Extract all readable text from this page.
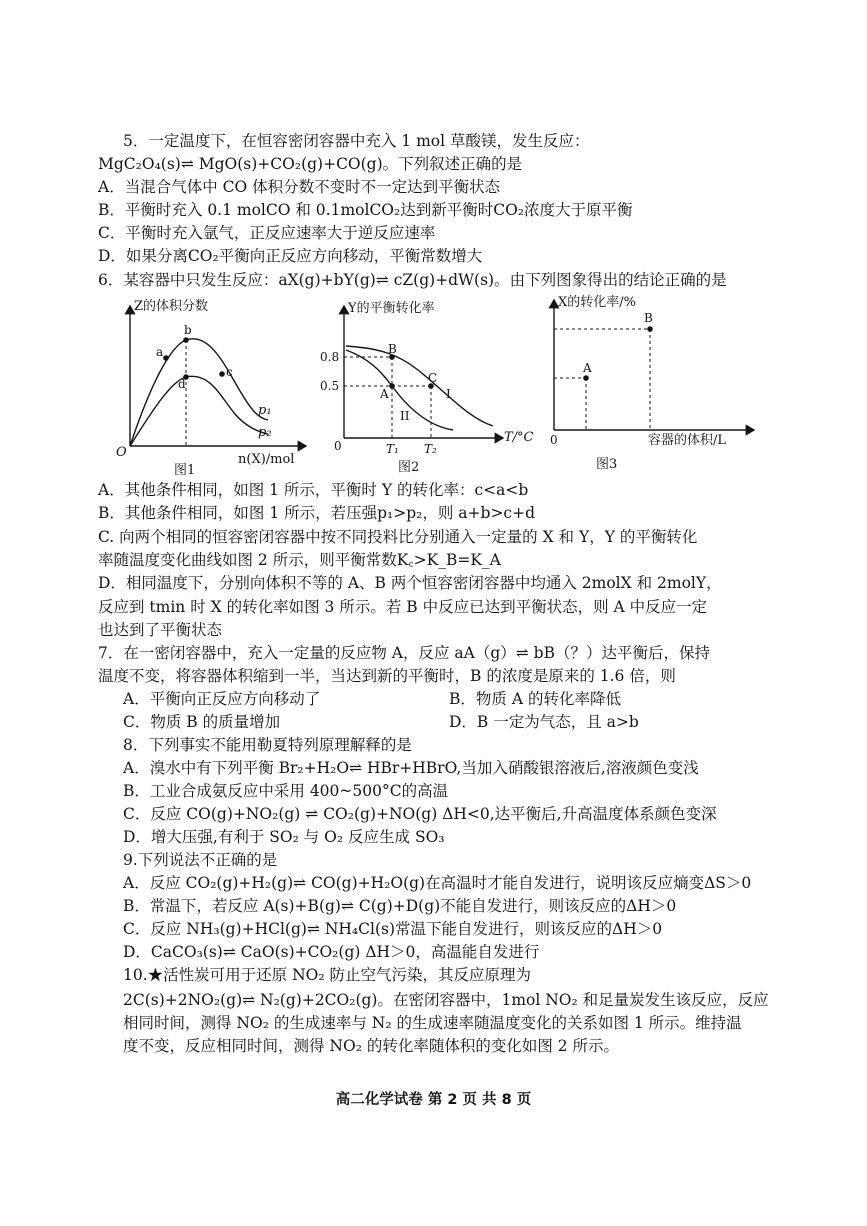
5．一定温度下，在恒容密闭容器中充入 1 mol 草酸镁，发生反应：
MgC₂O₄(s)⇌ MgO(s)+CO₂(g)+CO(g)。下列叙述正确的是
A．当混合气体中 CO 体积分数不变时不一定达到平衡状态
B．平衡时充入 0.1 molCO 和 0.1molCO₂达到新平衡时CO₂浓度大于原平衡
C．平衡时充入氩气，正反应速率大于逆反应速率
D．如果分离CO₂平衡向正反应方向移动，平衡常数增大
6．某容器中只发生反应：aX(g)+bY(g)⇌ cZ(g)+dW(s)。由下列图象得出的结论正确的是
Z的体积分数
O	n(X)/mol
a
b
c
d
p₁
p₂
图1
Y的平衡转化率
0
T/°C
0.8
0.5
A
B
C
I
II
T₁ T₂
图2
X的转化率/%
0	容器的体积/L
A
B
图3
A．其他条件相同，如图 1 所示，平衡时 Y 的转化率：c<a<b
B．其他条件相同，如图 1 所示，若压强p₁>p₂，则 a+b>c+d
C. 向两个相同的恒容密闭容器中按不同投料比分别通入一定量的 X 和 Y，Y 的平衡转化
率随温度变化曲线如图 2 所示，则平衡常数K꜀>K_B=K_A
D．相同温度下，分别向体积不等的 A、B 两个恒容密闭容器中均通入 2molX 和 2molY，
反应到 tmin 时 X 的转化率如图 3 所示。若 B 中反应已达到平衡状态，则 A 中反应一定
也达到了平衡状态
7．在一密闭容器中，充入一定量的反应物 A，反应 aA（g）⇌ bB（？）达平衡后，保持
温度不变，将容器体积缩到一半，当达到新的平衡时，B 的浓度是原来的 1.6 倍，则
A．平衡向正反应方向移动了	B．物质 A 的转化率降低
C．物质 B 的质量增加	D．B 一定为气态，且 a>b
8．下列事实不能用勒夏特列原理解释的是
A．溴水中有下列平衡 Br₂+H₂O⇌ HBr+HBrO,当加入硝酸银溶液后,溶液颜色变浅
B．工业合成氨反应中采用 400~500°C的高温
C．反应 CO(g)+NO₂(g) ⇌ CO₂(g)+NO(g) ΔH<0,达平衡后,升高温度体系颜色变深
D．增大压强,有利于 SO₂ 与 O₂ 反应生成 SO₃
9.下列说法不正确的是
A．反应 CO₂(g)+H₂(g)⇌ CO(g)+H₂O(g)在高温时才能自发进行，说明该反应熵变ΔS＞0
B．常温下，若反应 A(s)+B(g)⇌ C(g)+D(g)不能自发进行，则该反应的ΔH＞0
C．反应 NH₃(g)+HCl(g)⇌ NH₄Cl(s)常温下能自发进行，则该反应的ΔH＞0
D．CaCO₃(s)⇌ CaO(s)+CO₂(g) ΔH＞0，高温能自发进行
10.★活性炭可用于还原 NO₂ 防止空气污染，其反应原理为
2C(s)+2NO₂(g)⇌ N₂(g)+2CO₂(g)。在密闭容器中，1mol NO₂ 和足量炭发生该反应，反应
相同时间，测得 NO₂ 的生成速率与 N₂ 的生成速率随温度变化的关系如图 1 所示。维持温
度不变，反应相同时间，测得 NO₂ 的转化率随体积的变化如图 2 所示。
高二化学试卷 第 2 页 共 8 页
